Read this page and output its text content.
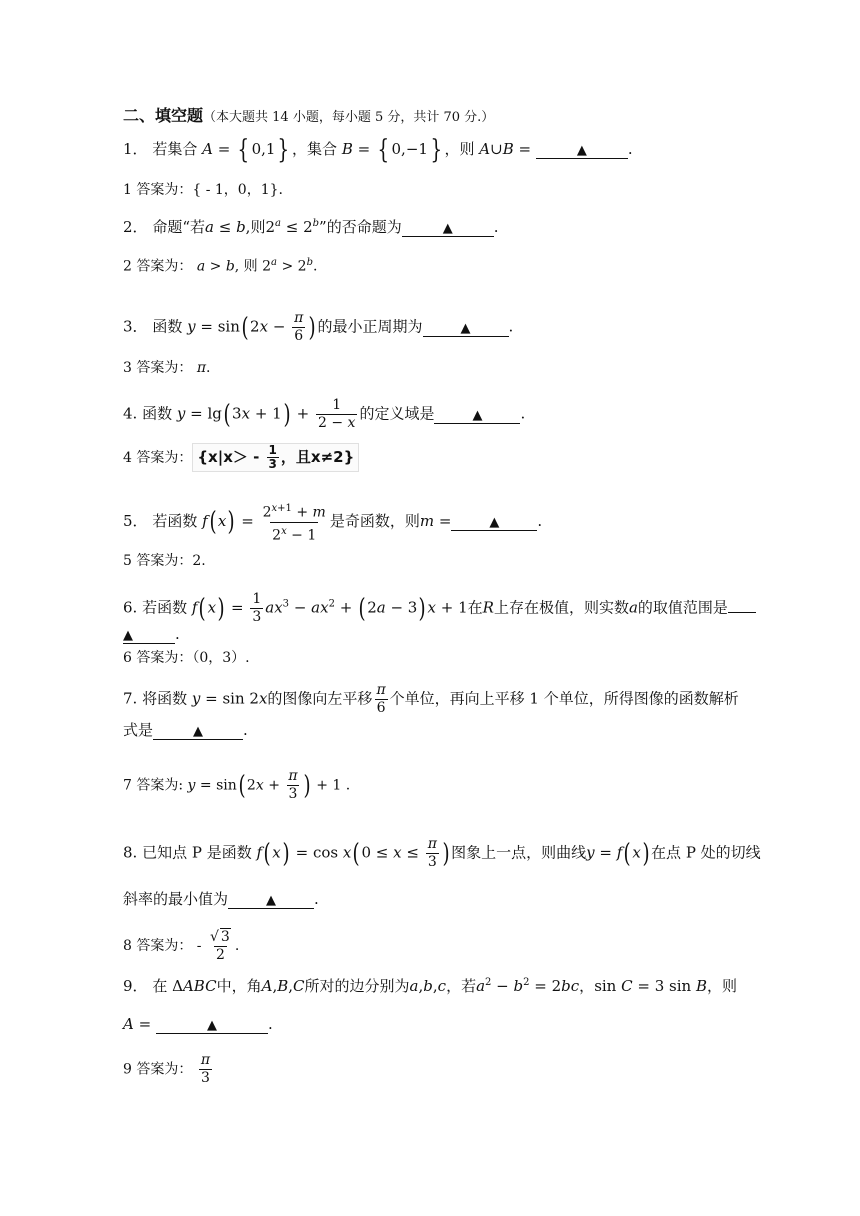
二、填空题（本大题共 14 小题，每小题 5 分，共计 70 分.）
1． 若集合 A = { 0,1} ，集合 B = { 0,−1} ，则 A∪B =	▲	.
1 答案为：{ - 1，0，1}.
2． 命题“若a ≤ b,则$2^a \le 2^b$”的否命题为	▲	.
2 答案为： a > b, 则 $2^a > 2^b$.
3． 函数 y = sin( $2x - \frac{\pi}{6}$ ) 的最小正周期为	▲	.
3 答案为： π.
4. 函数 y = lg( $3x + 1) + \frac{1}{2 - x}$ 的定义域是	▲	.
4 答案为： {$x|x> - \frac{1}{3}$ ，且x≠2}
5． 若函数 f( $x) = \frac{2^{x+1} + m}{2^x - 1}$ 是奇函数，则m =	▲	.
5 答案为：2.
6. 若函数 f( $x) = \frac{1}{3} ax^3 - ax^2$ + ( 2a − 3) x + 1在R上存在极值，则实数a的取值范围是
▲	.
6 答案为：（0，3）.
7. 将函数 y = sin 2x的图像向左平移 $\frac{\pi}{6}$ 个单位，再向上平移 1 个单位，所得图像的函数解析
式是	▲	.
7 答案为: y = sin( $2x + \frac{\pi}{3}$ ) + 1 .
8. 已知点 P 是函数 f( x) = cos x( $0 \le x \le \frac{\pi}{3}$ ) 图象上一点，则曲线y = f( x) 在点 P 处的切线
斜率的最小值为	▲	.
8 答案为： - $\frac{√ 3}{2}$ .
9． 在 ΔABC中，角A,B,C所对的边分别为a,b,c，若$a^2 - b^2 = 2bc$，sin C = 3 sin B，则
A =	▲	.
9 答案为： $\frac{\pi}{3}$
